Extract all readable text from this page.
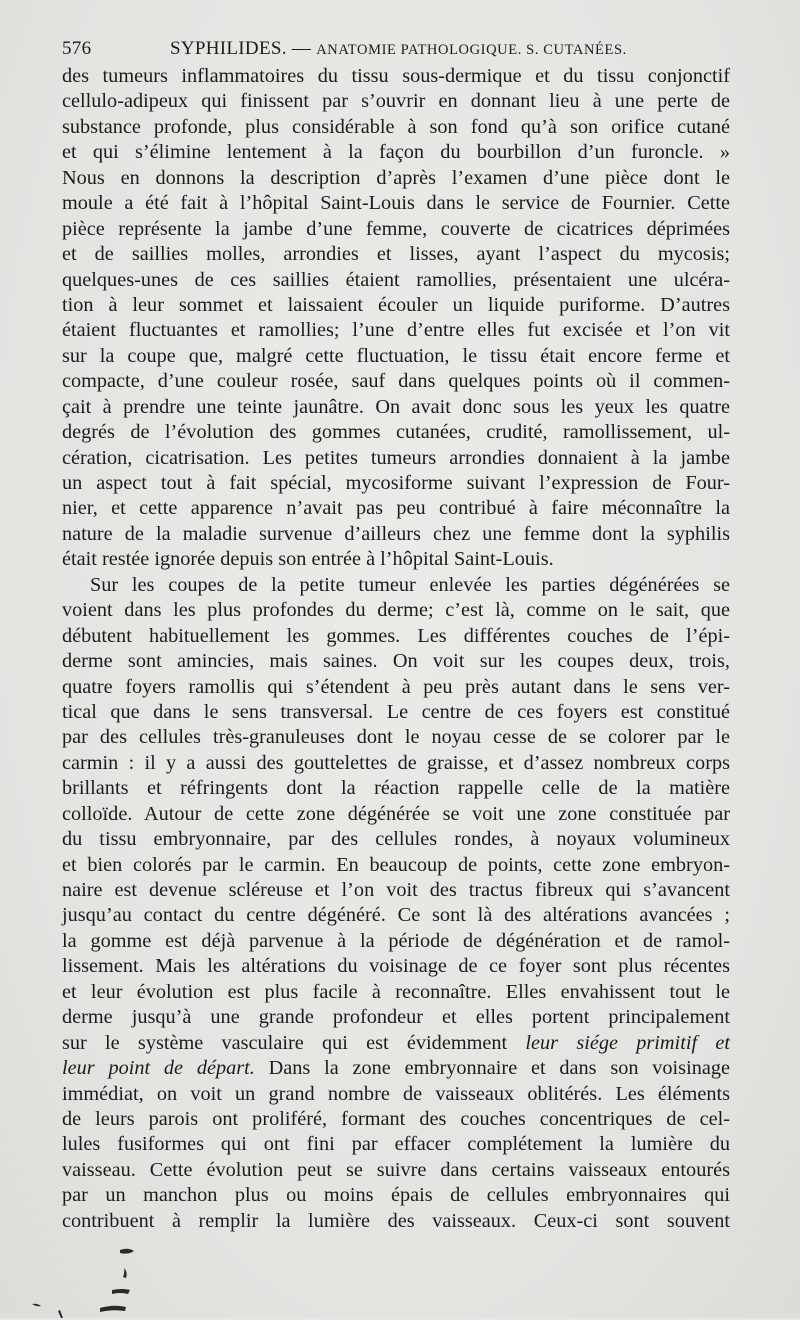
576	SYPHILIDES. — ANATOMIE PATHOLOGIQUE. S. CUTANÉES.
des tumeurs inflammatoires du tissu sous-dermique et du tissu conjonctif
cellulo-adipeux qui finissent par s’ouvrir en donnant lieu à une perte de
substance profonde, plus considérable à son fond qu’à son orifice cutané
et qui s’élimine lentement à la façon du bourbillon d’un furoncle. »
Nous en donnons la description d’après l’examen d’une pièce dont le
moule a été fait à l’hôpital Saint-Louis dans le service de Fournier. Cette
pièce représente la jambe d’une femme, couverte de cicatrices déprimées
et de saillies molles, arrondies et lisses, ayant l’aspect du mycosis;
quelques-unes de ces saillies étaient ramollies, présentaient une ulcéra-
tion à leur sommet et laissaient écouler un liquide puriforme. D’autres
étaient fluctuantes et ramollies; l’une d’entre elles fut excisée et l’on vit
sur la coupe que, malgré cette fluctuation, le tissu était encore ferme et
compacte, d’une couleur rosée, sauf dans quelques points où il commen-
çait à prendre une teinte jaunâtre. On avait donc sous les yeux les quatre
degrés de l’évolution des gommes cutanées, crudité, ramollissement, ul-
cération, cicatrisation. Les petites tumeurs arrondies donnaient à la jambe
un aspect tout à fait spécial, mycosiforme suivant l’expression de Four-
nier, et cette apparence n’avait pas peu contribué à faire méconnaître la
nature de la maladie survenue d’ailleurs chez une femme dont la syphilis
était restée ignorée depuis son entrée à l’hôpital Saint-Louis.
Sur les coupes de la petite tumeur enlevée les parties dégénérées se
voient dans les plus profondes du derme; c’est là, comme on le sait, que
débutent habituellement les gommes. Les différentes couches de l’épi-
derme sont amincies, mais saines. On voit sur les coupes deux, trois,
quatre foyers ramollis qui s’étendent à peu près autant dans le sens ver-
tical que dans le sens transversal. Le centre de ces foyers est constitué
par des cellules très-granuleuses dont le noyau cesse de se colorer par le
carmin : il y a aussi des gouttelettes de graisse, et d’assez nombreux corps
brillants et réfringents dont la réaction rappelle celle de la matière
colloïde. Autour de cette zone dégénérée se voit une zone constituée par
du tissu embryonnaire, par des cellules rondes, à noyaux volumineux
et bien colorés par le carmin. En beaucoup de points, cette zone embryon-
naire est devenue scléreuse et l’on voit des tractus fibreux qui s’avancent
jusqu’au contact du centre dégénéré. Ce sont là des altérations avancées ;
la gomme est déjà parvenue à la période de dégénération et de ramol-
lissement. Mais les altérations du voisinage de ce foyer sont plus récentes
et leur évolution est plus facile à reconnaître. Elles envahissent tout le
derme jusqu’à une grande profondeur et elles portent principalement
sur le système vasculaire qui est évidemment leur siége primitif et
leur point de départ. Dans la zone embryonnaire et dans son voisinage
immédiat, on voit un grand nombre de vaisseaux oblitérés. Les éléments
de leurs parois ont proliféré, formant des couches concentriques de cel-
lules fusiformes qui ont fini par effacer complétement la lumière du
vaisseau. Cette évolution peut se suivre dans certains vaisseaux entourés
par un manchon plus ou moins épais de cellules embryonnaires qui
contribuent à remplir la lumière des vaisseaux. Ceux-ci sont souvent
